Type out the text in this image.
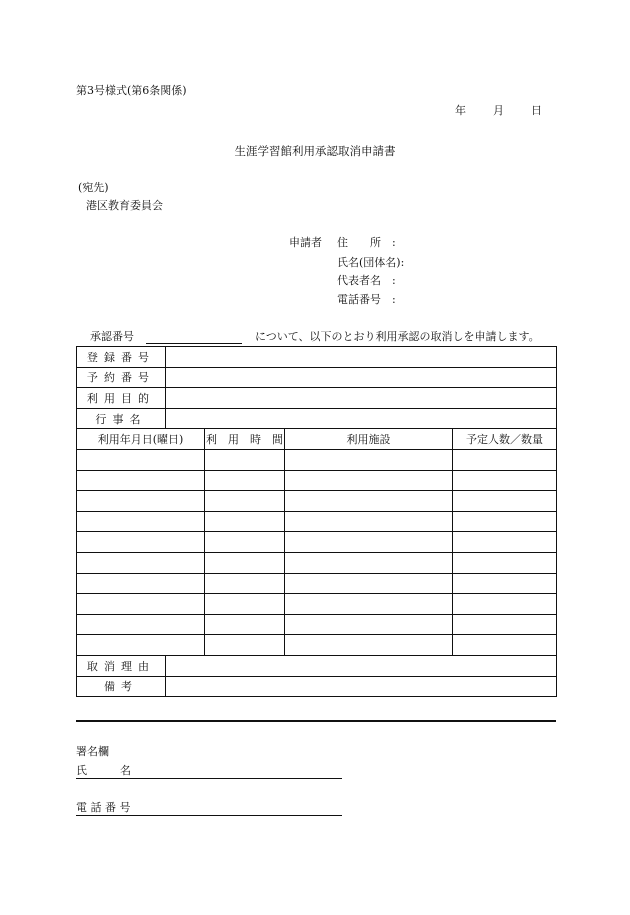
第3号様式(第6条関係)
年 月 日
生涯学習館利用承認取消申請書
(宛先)
港区教育委員会
申請者 住　　所　:
氏名(団体名):
代表者名　:
電話番号　:
承認番号	について、以下のとおり利用承認の取消しを申請します。
登録番号				
予約番号				
利用目的				
行事名				
利用年月日(曜日)		利　用　時　間	利用施設	予定人数／数量

取消理由				
備考				
署名欄
氏　　　名
電 話 番 号
